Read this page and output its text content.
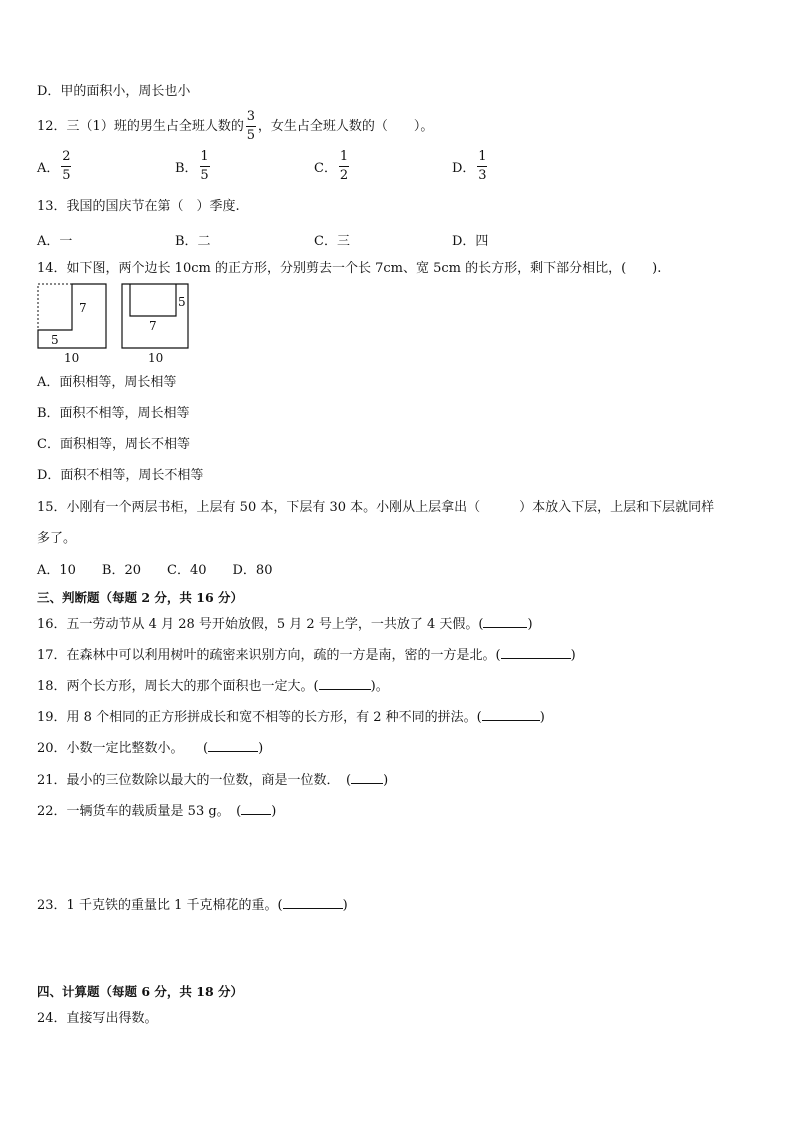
D．甲的面积小，周长也小
12．三（1）班的男生占全班人数的 $\frac{3}{5}$ ，女生占全班人数的（　　）。
A． $\frac{2}{5}$	B． $\frac{1}{5}$	C． $\frac{1}{2}$	D． $\frac{1}{3}$
13．我国的国庆节在第（　）季度.
A．一	B．二	C．三	D．四
14．如下图，两个边长 10cm 的正方形，分别剪去一个长 7cm、宽 5cm 的长方形，剩下部分相比，(　　).
7
5
10
5
7
10
A．面积相等，周长相等
B．面积不相等，周长相等
C．面积相等，周长不相等
D．面积不相等，周长不相等
15．小刚有一个两层书柜，上层有 50 本，下层有 30 本。小刚从上层拿出（　　　）本放入下层，上层和下层就同样
多了。
A．10　　B．20　　C．40　　D．80
三、判断题（每题 2 分，共 16 分）
16．五一劳动节从 4 月 28 号开始放假，5 月 2 号上学，一共放了 4 天假。(	)
17．在森林中可以利用树叶的疏密来识别方向，疏的一方是南，密的一方是北。(	)
18．两个长方形，周长大的那个面积也一定大。(	)。
19．用 8 个相同的正方形拼成长和宽不相等的长方形，有 2 种不同的拼法。(	)
20．小数一定比整数小。　　(	)
21．最小的三位数除以最大的一位数，商是一位数．　( )
22．一辆货车的载质量是 53 g。　( )
23．1 千克铁的重量比 1 千克棉花的重。(	)
四、计算题（每题 6 分，共 18 分）
24．直接写出得数。
